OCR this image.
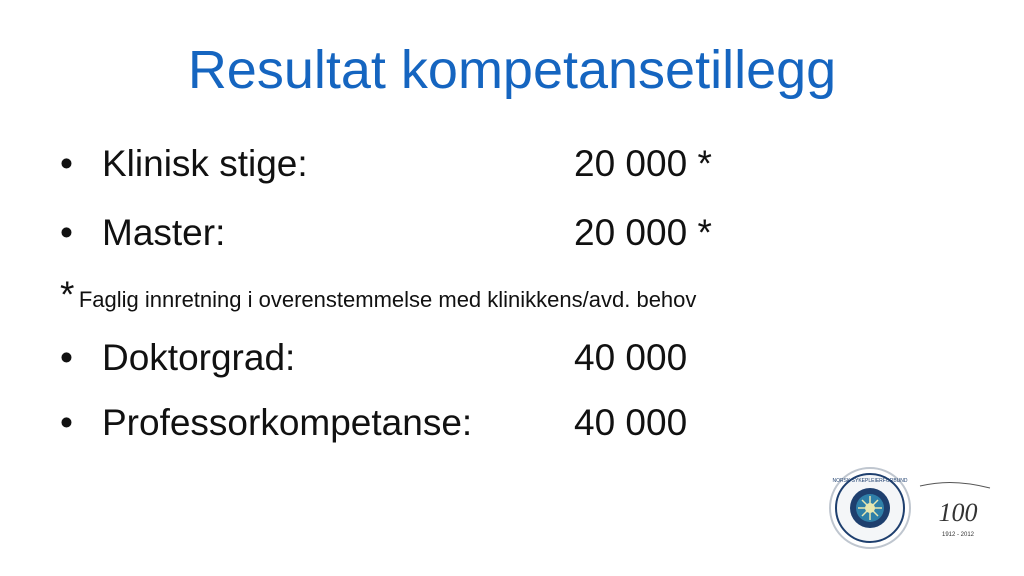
Resultat kompetansetillegg
• Klinisk stige:	20 000 *
• Master:	20 000 *
* Faglig innretning i overenstemmelse med klinikkens/avd. behov
• Doktorgrad:	40 000
• Professorkompetanse:	40 000
NORSK SYKEPLEIERFORBUND
100
1912 - 2012
